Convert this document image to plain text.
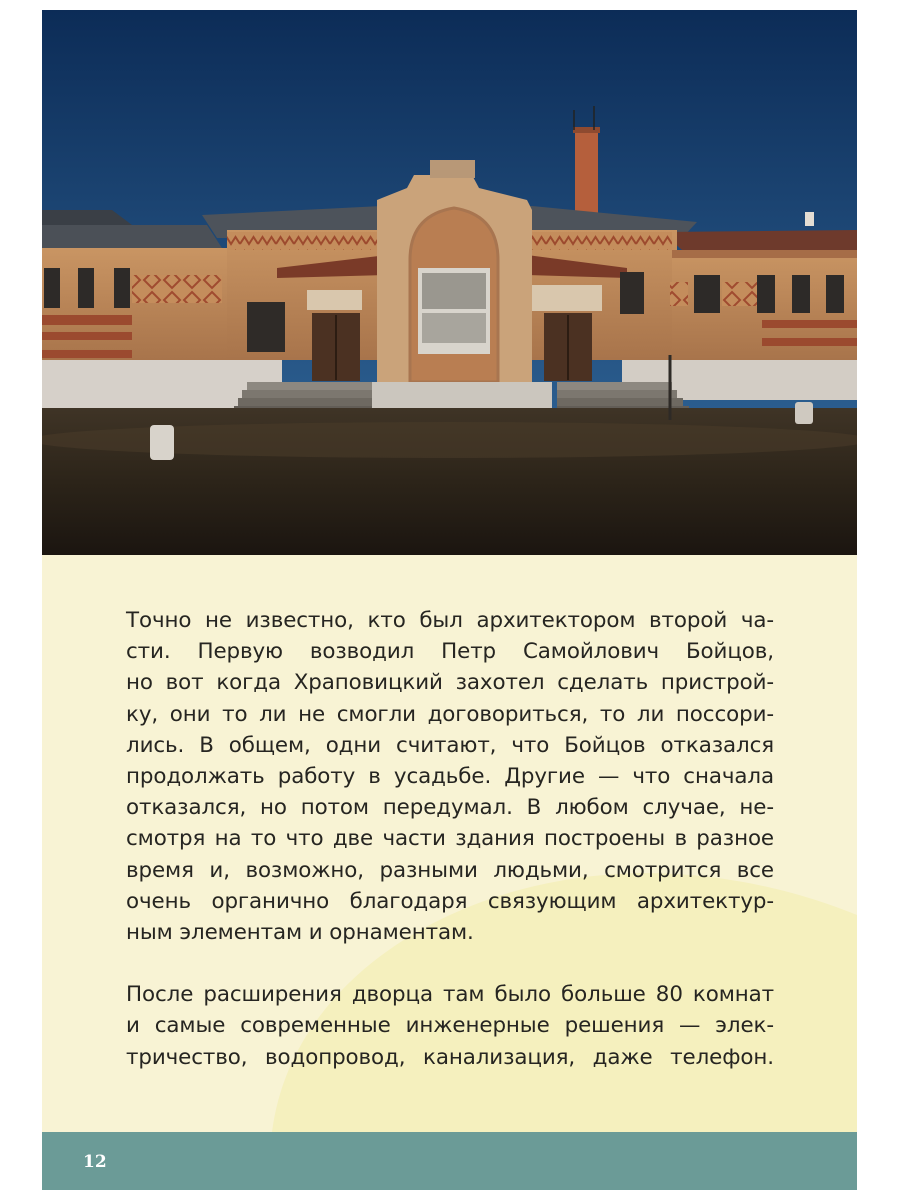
Точно не известно, кто был архитектором второй ча-
сти. Первую возводил Петр Самойлович Бойцов,
но вот когда Храповицкий захотел сделать пристрой-
ку, они то ли не смогли договориться, то ли поссори-
лись. В общем, одни считают, что Бойцов отказался
продолжать работу в усадьбе. Другие — что сначала
отказался, но потом передумал. В любом случае, не-
смотря на то что две части здания построены в разное
время и, возможно, разными людьми, смотрится все
очень органично благодаря связующим архитектур-
ным элементам и орнаментам.

После расширения дворца там было больше 80 комнат
и самые современные инженерные решения — элек-
тричество, водопровод, канализация, даже телефон.

12
